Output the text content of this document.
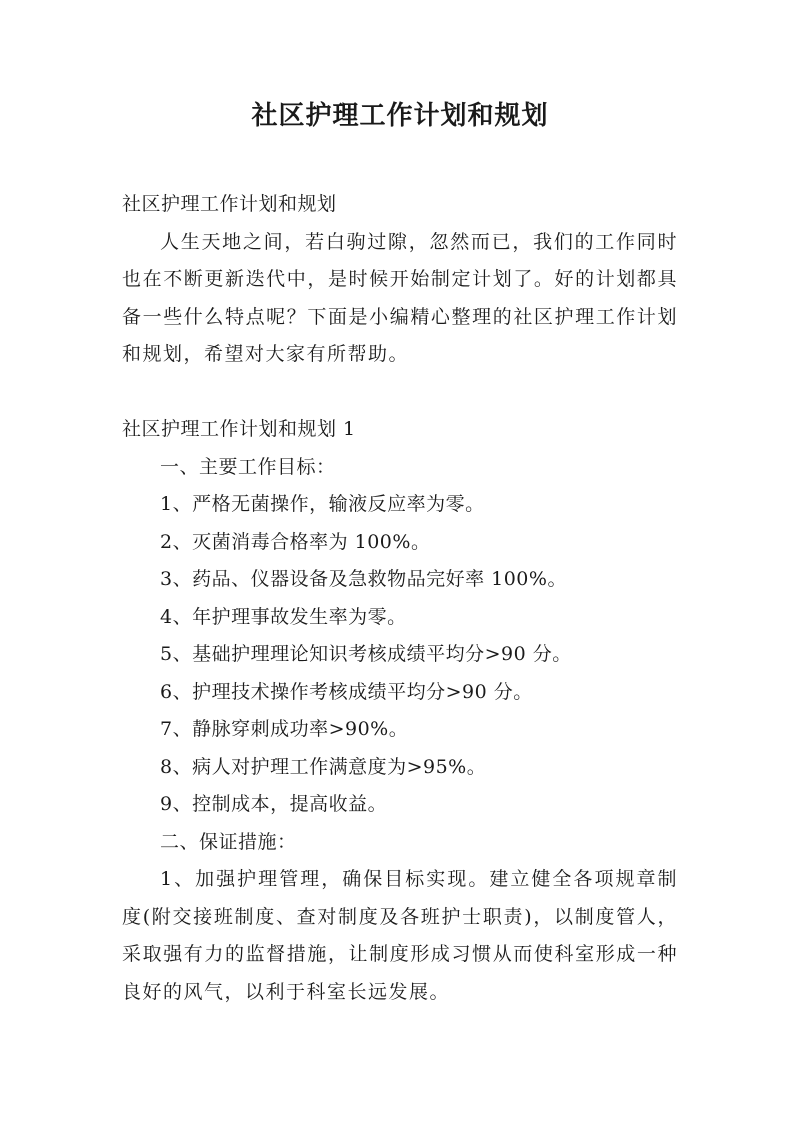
社区护理工作计划和规划

社区护理工作计划和规划

人生天地之间，若白驹过隙，忽然而已，我们的工作同时也在不断更新迭代中，是时候开始制定计划了。好的计划都具备一些什么特点呢？下面是小编精心整理的社区护理工作计划和规划，希望对大家有所帮助。

社区护理工作计划和规划 1

一、主要工作目标：

1、严格无菌操作，输液反应率为零。

2、灭菌消毒合格率为 100%。

3、药品、仪器设备及急救物品完好率 100%。

4、年护理事故发生率为零。

5、基础护理理论知识考核成绩平均分>90 分。

6、护理技术操作考核成绩平均分>90 分。

7、静脉穿刺成功率>90%。

8、病人对护理工作满意度为>95%。

9、控制成本，提高收益。

二、保证措施：

1、加强护理管理，确保目标实现。建立健全各项规章制度(附交接班制度、查对制度及各班护士职责)，以制度管人，采取强有力的监督措施，让制度形成习惯从而使科室形成一种良好的风气，以利于科室长远发展。
